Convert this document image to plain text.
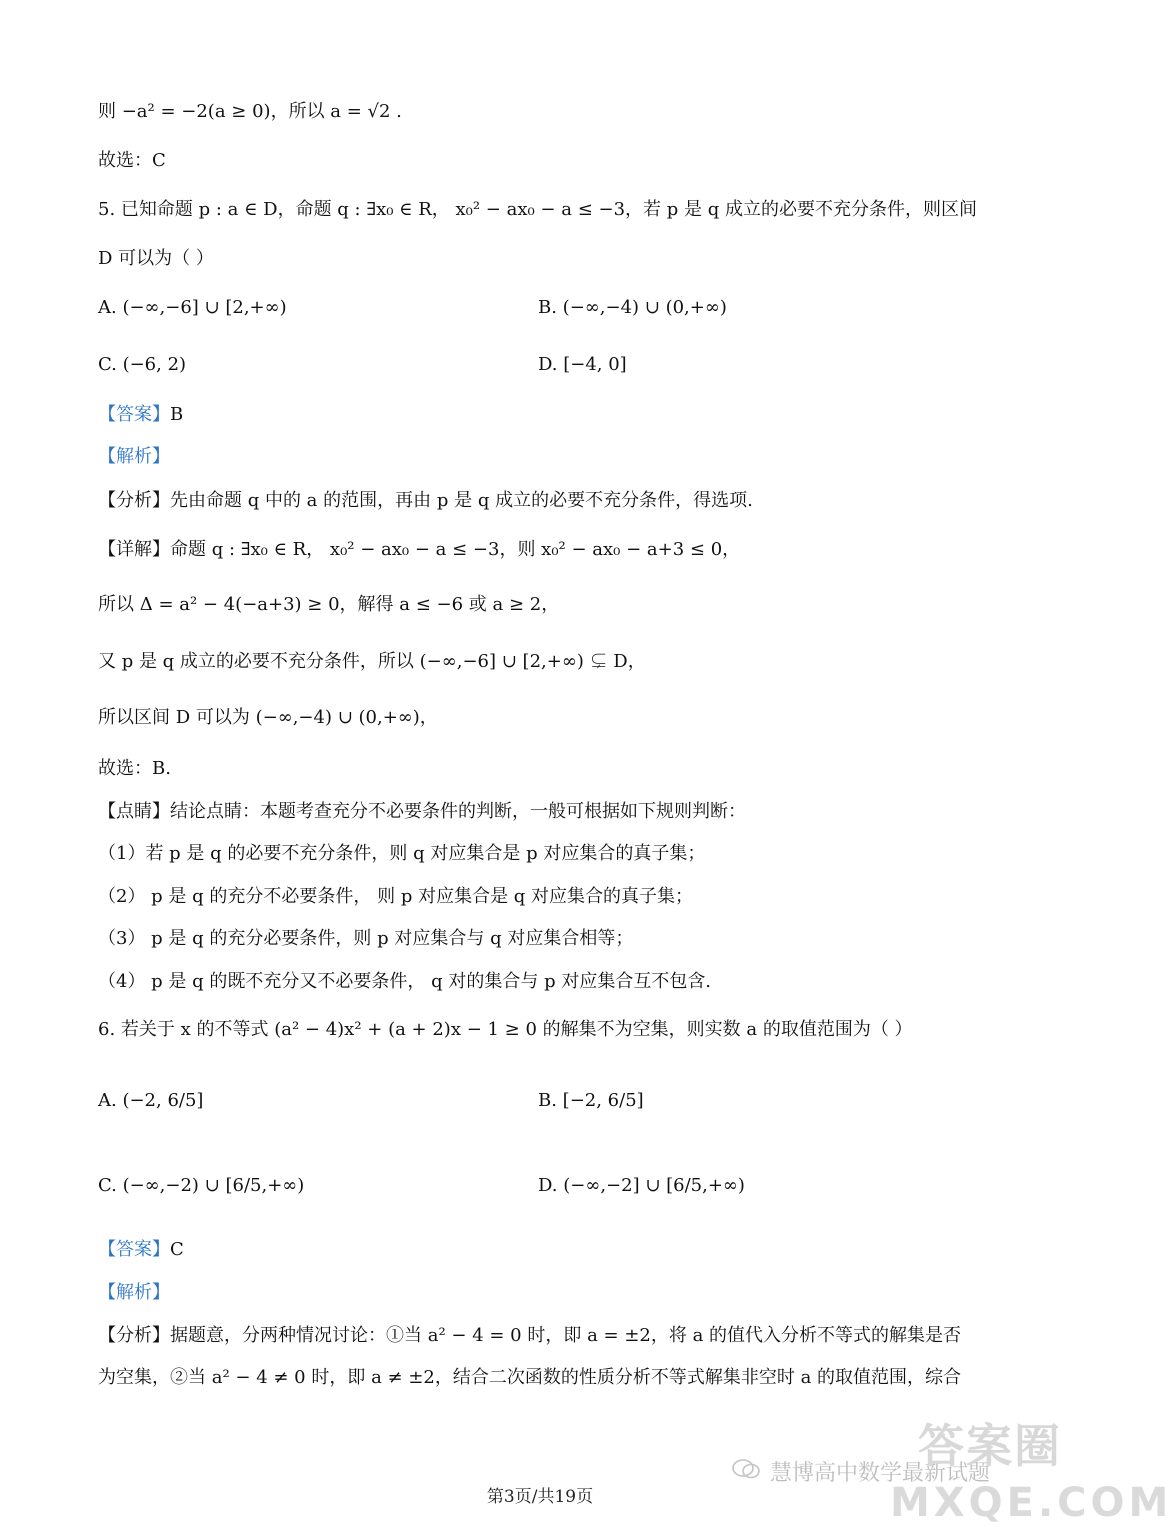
则 −a² = −2(a ≥ 0)，所以 a = √2 .
故选：C
5. 已知命题 p : a ∈ D，命题 q : ∃x₀ ∈ R， x₀² − ax₀ − a ≤ −3，若 p 是 q 成立的必要不充分条件，则区间
D 可以为（ ）
A. (−∞,−6] ∪ [2,+∞)	B. (−∞,−4) ∪ (0,+∞)
C. (−6, 2)	D. [−4, 0]
【答案】B
【解析】
【分析】先由命题 q 中的 a 的范围，再由 p 是 q 成立的必要不充分条件，得选项.
【详解】命题 q : ∃x₀ ∈ R， x₀² − ax₀ − a ≤ −3，则 x₀² − ax₀ − a+3 ≤ 0，
所以 Δ = a² − 4(−a+3) ≥ 0，解得 a ≤ −6 或 a ≥ 2，
又 p 是 q 成立的必要不充分条件，所以 (−∞,−6] ∪ [2,+∞) ⊊ D，
所以区间 D 可以为 (−∞,−4) ∪ (0,+∞)，
故选：B.
【点睛】结论点睛：本题考查充分不必要条件的判断，一般可根据如下规则判断：
（1）若 p 是 q 的必要不充分条件，则 q 对应集合是 p 对应集合的真子集；
（2） p 是 q 的充分不必要条件， 则 p 对应集合是 q 对应集合的真子集；
（3） p 是 q 的充分必要条件，则 p 对应集合与 q 对应集合相等；
（4） p 是 q 的既不充分又不必要条件， q 对的集合与 p 对应集合互不包含.
6. 若关于 x 的不等式 (a² − 4)x² + (a + 2)x − 1 ≥ 0 的解集不为空集，则实数 a 的取值范围为（ ）
A. (−2, 6/5]	B. [−2, 6/5]
C. (−∞,−2) ∪ [6/5,+∞)	D. (−∞,−2] ∪ [6/5,+∞)
【答案】C
【解析】
【分析】据题意，分两种情况讨论：①当 a² − 4 = 0 时，即 a = ±2，将 a 的值代入分析不等式的解集是否
为空集，②当 a² − 4 ≠ 0 时，即 a ≠ ±2，结合二次函数的性质分析不等式解集非空时 a 的取值范围，综合
慧博高中数学最新试题
答案圈
MXQE.COM
第3页/共19页
